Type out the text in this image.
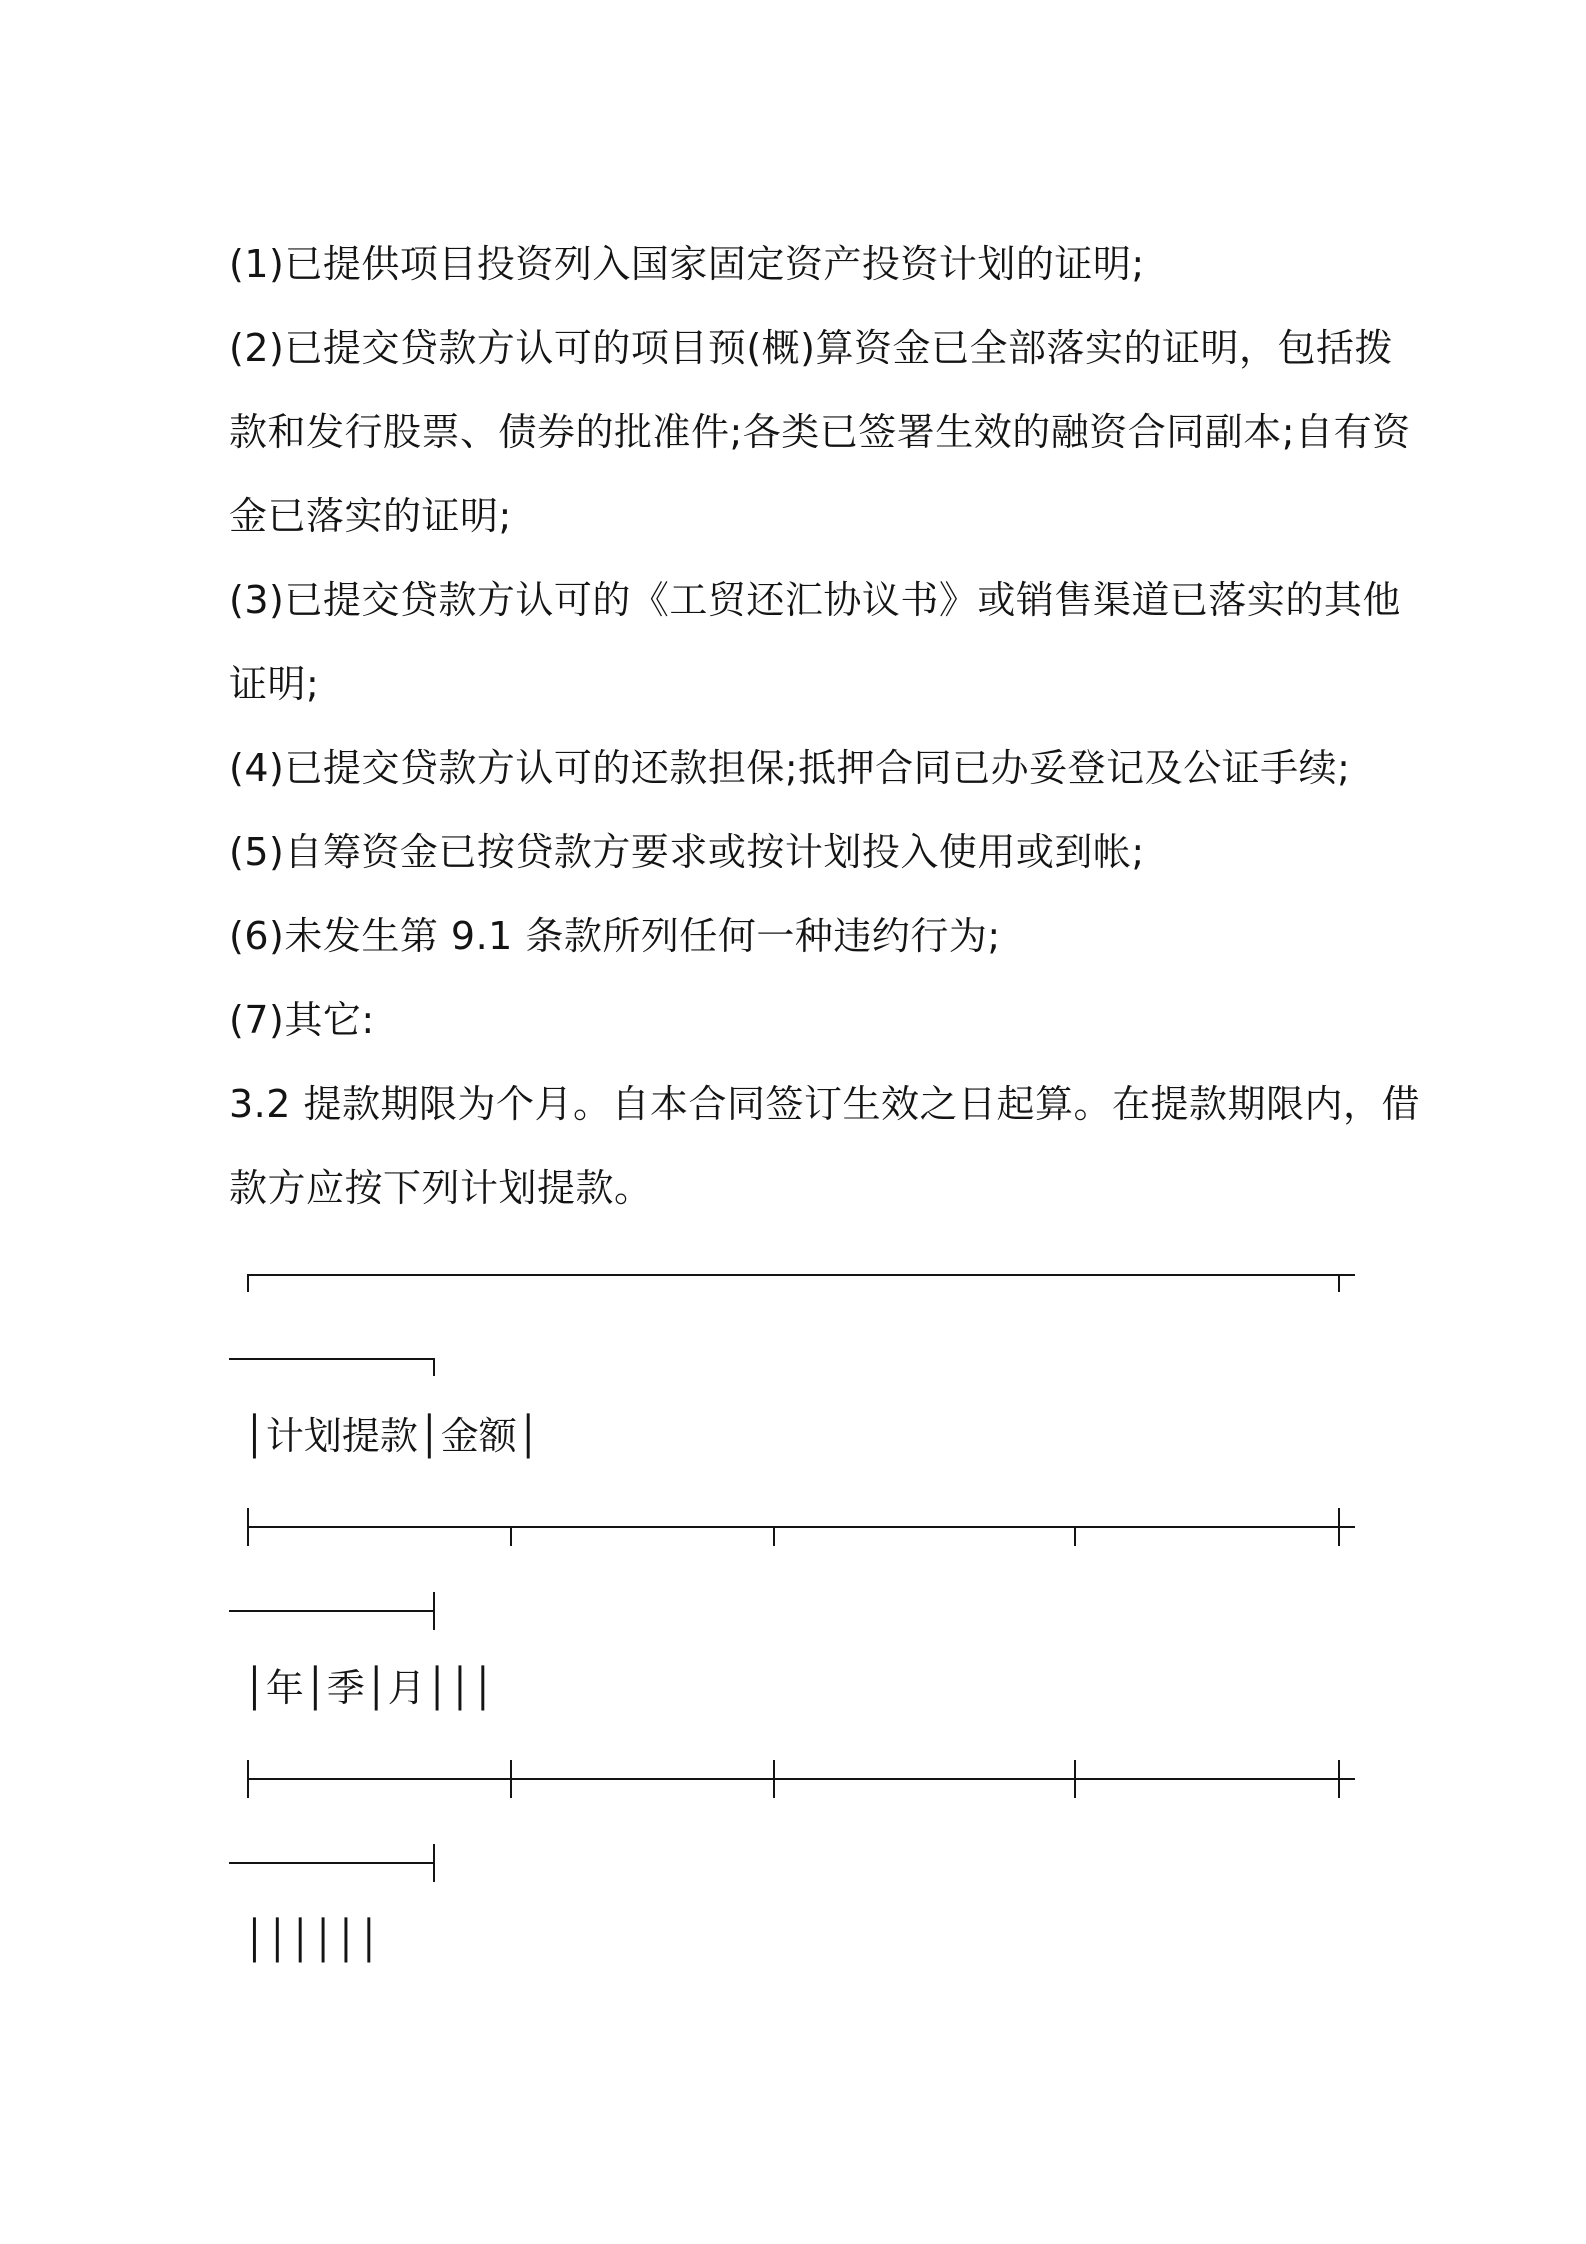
(1)已提供项目投资列入国家固定资产投资计划的证明;

(2)已提交贷款方认可的项目预(概)算资金已全部落实的证明，包括拨

款和发行股票、债券的批准件;各类已签署生效的融资合同副本;自有资

金已落实的证明;

(3)已提交贷款方认可的《工贸还汇协议书》或销售渠道已落实的其他

证明;

(4)已提交贷款方认可的还款担保;抵押合同已办妥登记及公证手续;

(5)自筹资金已按贷款方要求或按计划投入使用或到帐;

(6)未发生第 9.1 条款所列任何一种违约行为;

(7)其它:

3.2 提款期限为个月。自本合同签订生效之日起算。在提款期限内，借

款方应按下列计划提款。

│计划提款│金额│

│年│季│月│││

││││││
